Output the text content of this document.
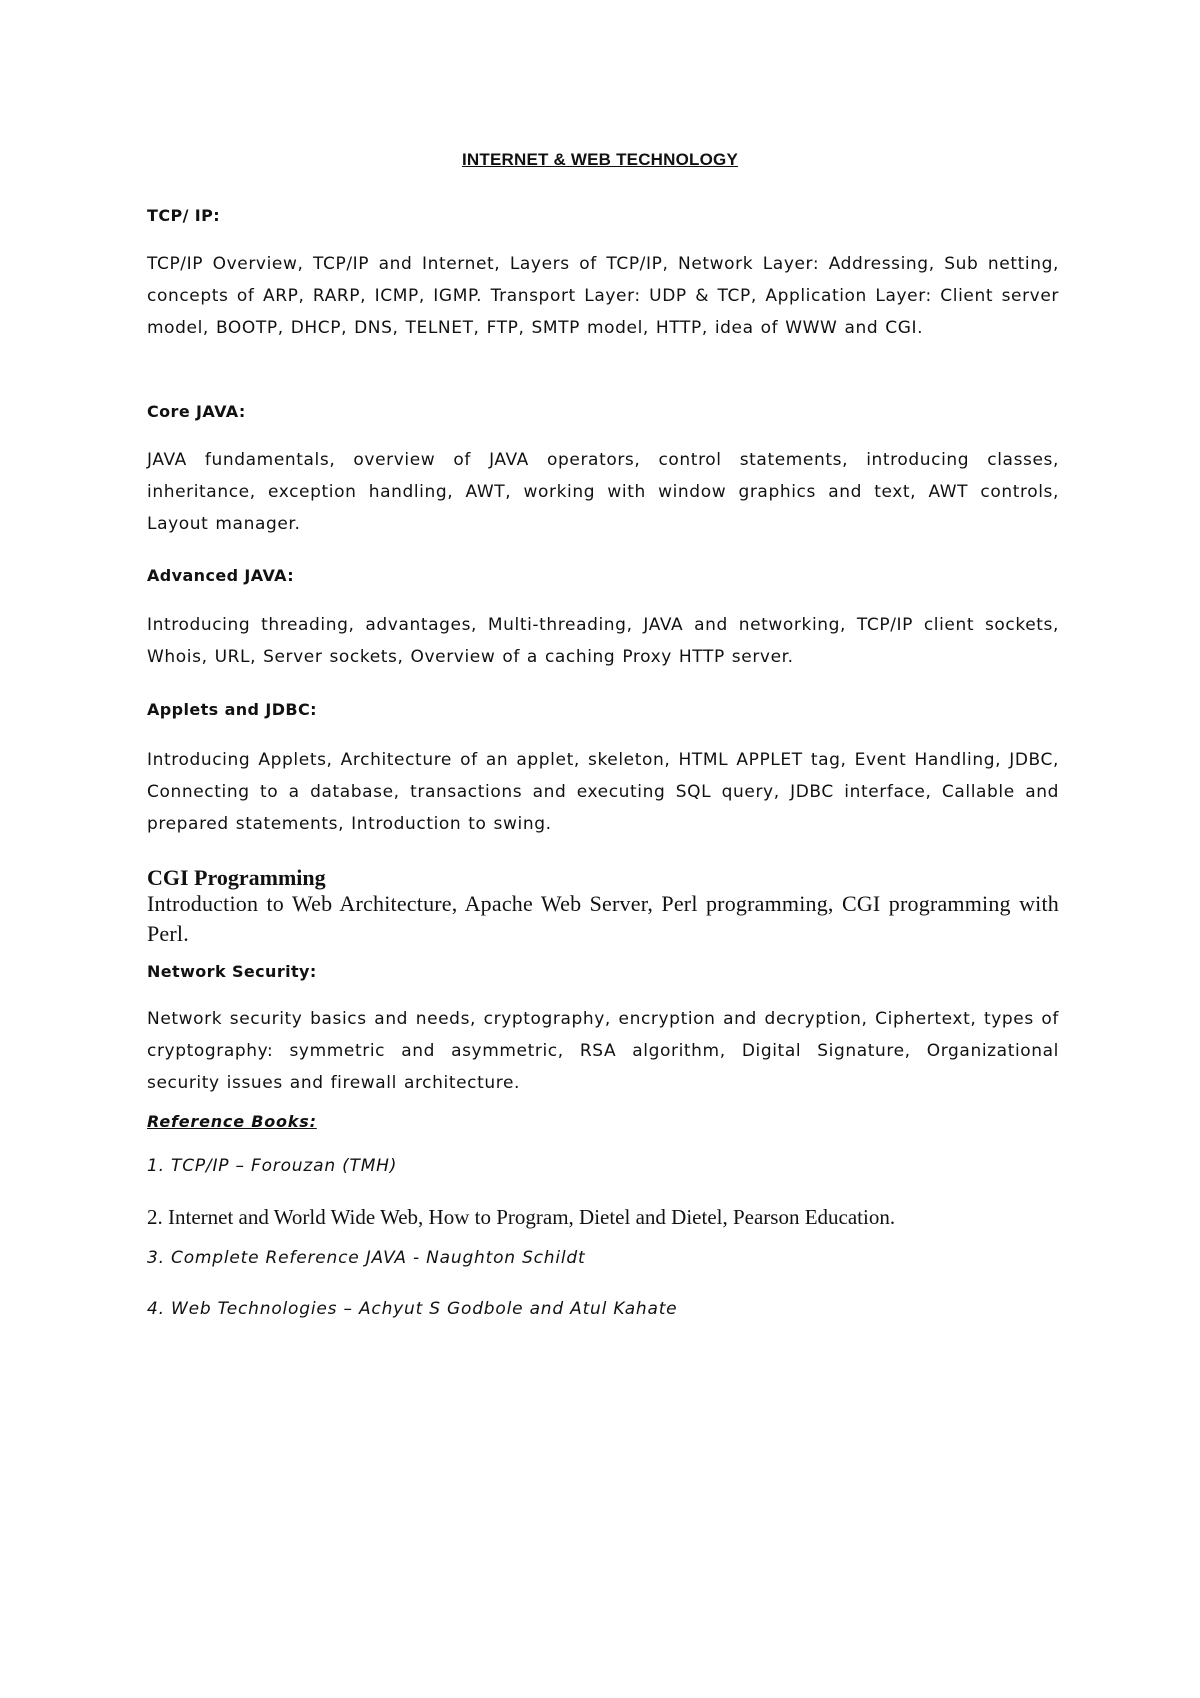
INTERNET & WEB TECHNOLOGY
TCP/ IP:

TCP/IP Overview, TCP/IP and Internet, Layers of TCP/IP, Network Layer: Addressing, Sub netting, concepts of ARP, RARP, ICMP, IGMP. Transport Layer: UDP & TCP, Application Layer: Client server model, BOOTP, DHCP, DNS, TELNET, FTP, SMTP model, HTTP, idea of WWW and CGI.

Core JAVA:

JAVA fundamentals, overview of JAVA operators, control statements, introducing classes, inheritance, exception handling, AWT, working with window graphics and text, AWT controls, Layout manager.

Advanced JAVA:

Introducing threading, advantages, Multi-threading, JAVA and networking, TCP/IP client sockets, Whois, URL, Server sockets, Overview of a caching Proxy HTTP server.

Applets and JDBC:

Introducing Applets, Architecture of an applet, skeleton, HTML APPLET tag, Event Handling, JDBC, Connecting to a database, transactions and executing SQL query, JDBC interface, Callable and prepared statements, Introduction to swing.

CGI Programming

Introduction to Web Architecture, Apache Web Server, Perl programming, CGI programming with Perl.

Network Security:

Network security basics and needs, cryptography, encryption and decryption, Ciphertext, types of cryptography: symmetric and asymmetric, RSA algorithm, Digital Signature, Organizational security issues and firewall architecture.

Reference Books:
1. TCP/IP – Forouzan (TMH)
2. Internet and World Wide Web, How to Program, Dietel and Dietel, Pearson Education.
3. Complete Reference JAVA - Naughton Schildt
4. Web Technologies – Achyut S Godbole and Atul Kahate
